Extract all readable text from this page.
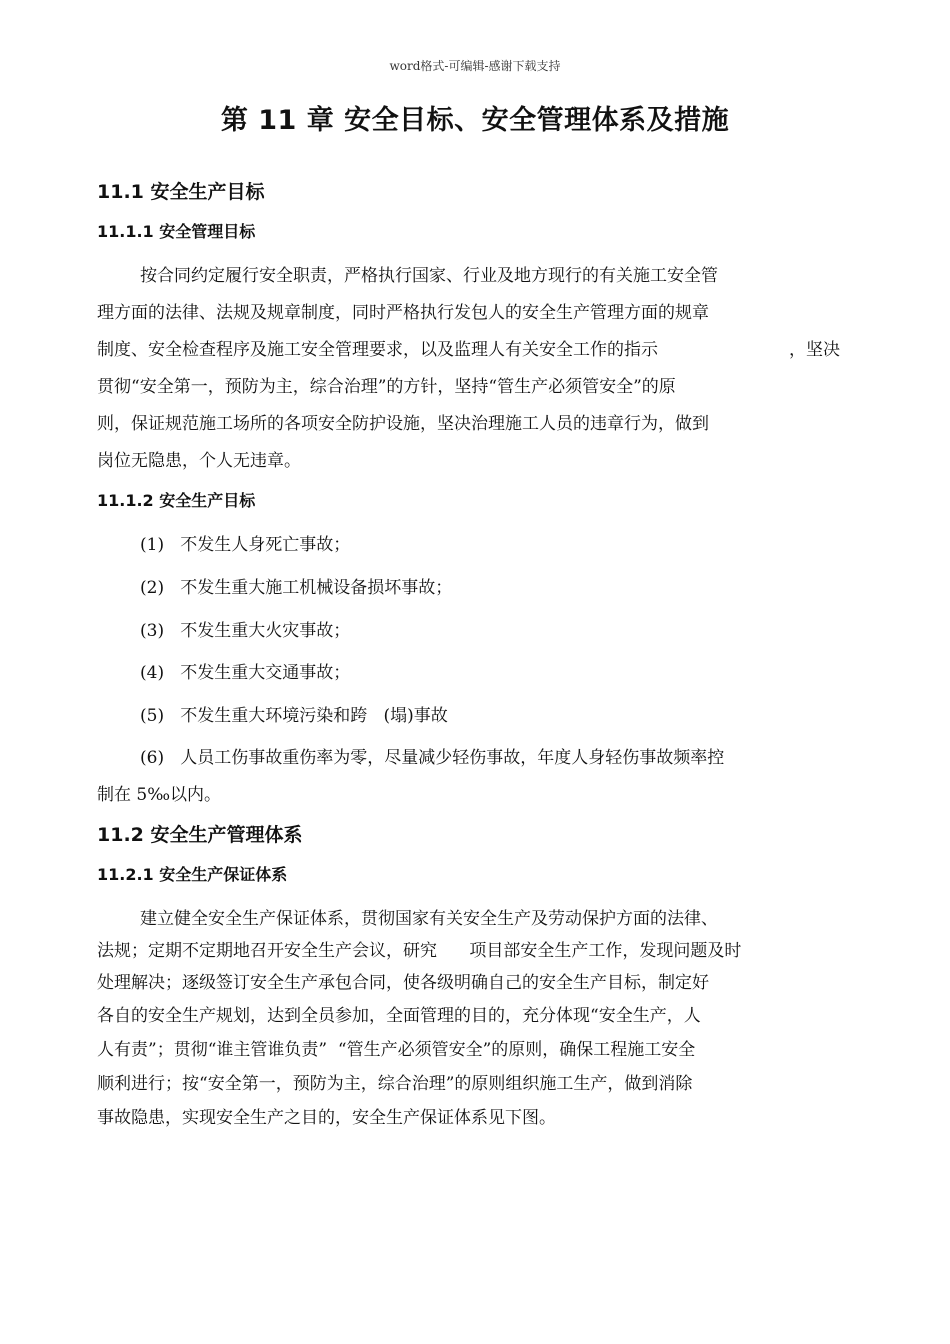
word格式-可编辑-感谢下载支持
第 11 章 安全目标、安全管理体系及措施
11.1 安全生产目标
11.1.1 安全管理目标
按合同约定履行安全职责，严格执行国家、行业及地方现行的有关施工安全管
理方面的法律、法规及规章制度，同时严格执行发包人的安全生产管理方面的规章
制度、安全检查程序及施工安全管理要求，以及监理人有关安全工作的指示	，坚决
贯彻“安全第一，预防为主，综合治理”的方针，坚持“管生产必须管安全”的原
则，保证规范施工场所的各项安全防护设施，坚决治理施工人员的违章行为，做到
岗位无隐患，个人无违章。
11.1.2 安全生产目标
(1)   不发生人身死亡事故；
(2)   不发生重大施工机械设备损坏事故；
(3)   不发生重大火灾事故；
(4)   不发生重大交通事故；
(5)   不发生重大环境污染和跨   (塌)事故
(6)   人员工伤事故重伤率为零，尽量减少轻伤事故，年度人身轻伤事故频率控
制在 5‰以内。
11.2 安全生产管理体系
11.2.1 安全生产保证体系
建立健全安全生产保证体系，贯彻国家有关安全生产及劳动保护方面的法律、
法规；定期不定期地召开安全生产会议，研究      项目部安全生产工作，发现问题及时
处理解决；逐级签订安全生产承包合同，使各级明确自己的安全生产目标，制定好
各自的安全生产规划，达到全员参加，全面管理的目的，充分体现“安全生产，人
人有责”；贯彻“谁主管谁负责”  “管生产必须管安全”的原则，确保工程施工安全
顺利进行；按“安全第一，预防为主，综合治理”的原则组织施工生产，做到消除
事故隐患，实现安全生产之目的，安全生产保证体系见下图。
